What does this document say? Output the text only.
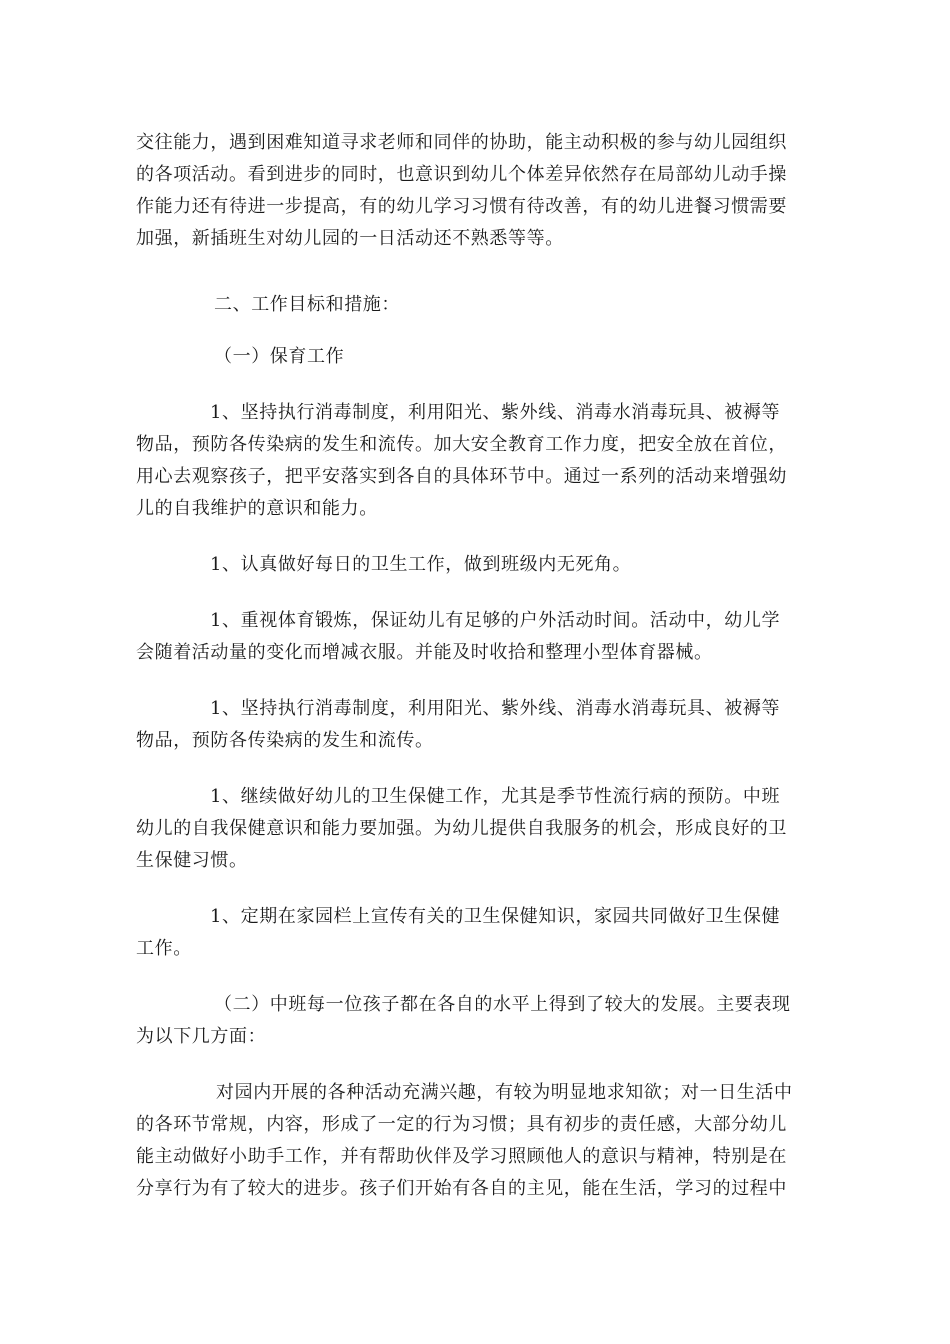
交往能力，遇到困难知道寻求老师和同伴的协助，能主动积极的参与幼儿园组织
的各项活动。看到进步的同时，也意识到幼儿个体差异依然存在局部幼儿动手操
作能力还有待进一步提高，有的幼儿学习习惯有待改善，有的幼儿进餐习惯需要
加强，新插班生对幼儿园的一日活动还不熟悉等等。
二、工作目标和措施：
（一）保育工作
1、坚持执行消毒制度，利用阳光、紫外线、消毒水消毒玩具、被褥等
物品，预防各传染病的发生和流传。加大安全教育工作力度，把安全放在首位，
用心去观察孩子，把平安落实到各自的具体环节中。通过一系列的活动来增强幼
儿的自我维护的意识和能力。
1、认真做好每日的卫生工作，做到班级内无死角。
1、重视体育锻炼，保证幼儿有足够的户外活动时间。活动中，幼儿学
会随着活动量的变化而增减衣服。并能及时收拾和整理小型体育器械。
1、坚持执行消毒制度，利用阳光、紫外线、消毒水消毒玩具、被褥等
物品，预防各传染病的发生和流传。
1、继续做好幼儿的卫生保健工作，尤其是季节性流行病的预防。中班
幼儿的自我保健意识和能力要加强。为幼儿提供自我服务的机会，形成良好的卫
生保健习惯。
1、定期在家园栏上宣传有关的卫生保健知识，家园共同做好卫生保健
工作。
（二）中班每一位孩子都在各自的水平上得到了较大的发展。主要表现
为以下几方面：
对园内开展的各种活动充满兴趣，有较为明显地求知欲；对一日生活中
的各环节常规，内容，形成了一定的行为习惯；具有初步的责任感，大部分幼儿
能主动做好小助手工作，并有帮助伙伴及学习照顾他人的意识与精神，特别是在
分享行为有了较大的进步。孩子们开始有各自的主见，能在生活，学习的过程中
